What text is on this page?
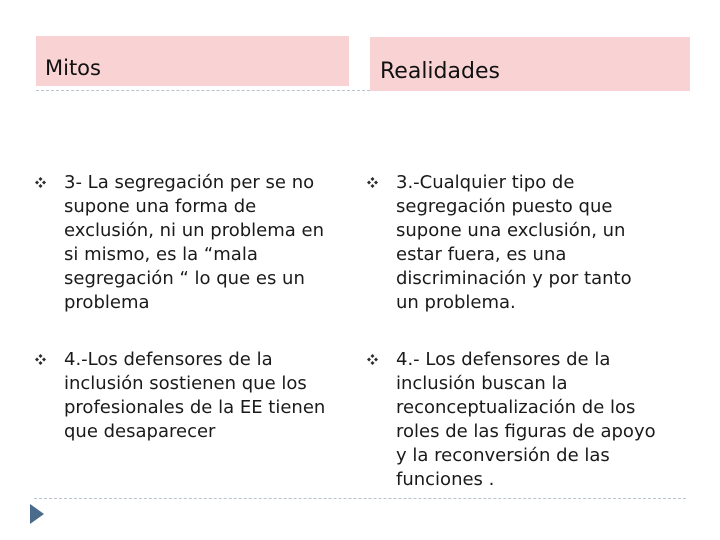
Mitos	Realidades
3- La segregación per se no
supone una forma de
exclusión, ni un problema en
si mismo, es la “mala
segregación “ lo que es un
problema
4.-Los defensores de la
inclusión sostienen que los
profesionales de la EE tienen
que desaparecer
3.-Cualquier tipo de
segregación puesto que
supone una exclusión, un
estar fuera, es una
discriminación y por tanto
un problema.
4.- Los defensores de la
inclusión buscan la
reconceptualización de los
roles de las figuras de apoyo
y la reconversión de las
funciones .
